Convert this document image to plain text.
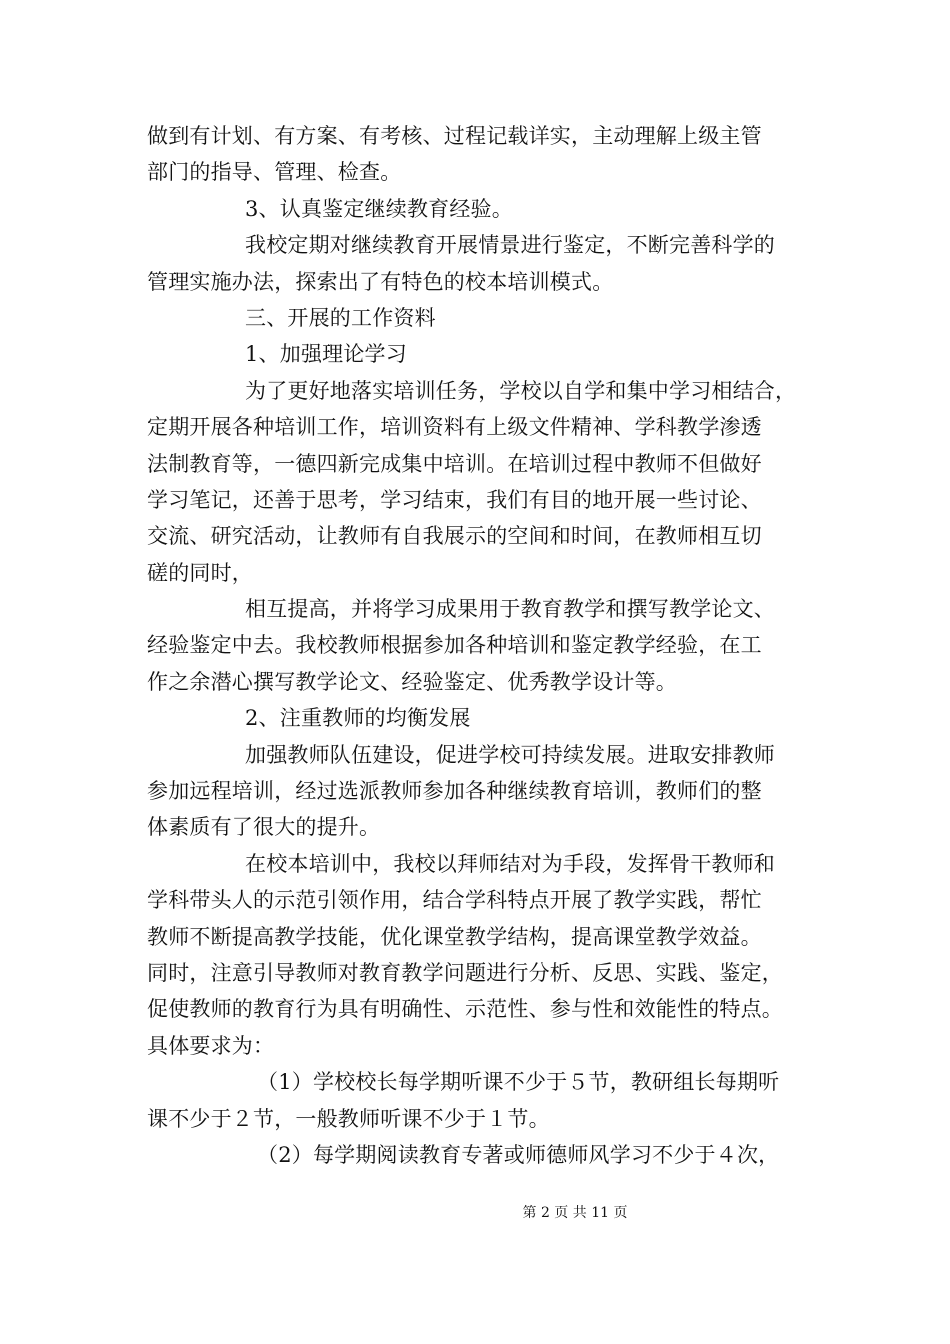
做到有计划、有方案、有考核、过程记载详实，主动理解上级主管
部门的指导、管理、检查。
3、认真鉴定继续教育经验。
我校定期对继续教育开展情景进行鉴定，不断完善科学的
管理实施办法，探索出了有特色的校本培训模式。
三、开展的工作资料
1、加强理论学习
为了更好地落实培训任务，学校以自学和集中学习相结合，
定期开展各种培训工作，培训资料有上级文件精神、学科教学渗透
法制教育等，一德四新完成集中培训。在培训过程中教师不但做好
学习笔记，还善于思考，学习结束，我们有目的地开展一些讨论、
交流、研究活动，让教师有自我展示的空间和时间，在教师相互切
磋的同时，
相互提高，并将学习成果用于教育教学和撰写教学论文、
经验鉴定中去。我校教师根据参加各种培训和鉴定教学经验，在工
作之余潜心撰写教学论文、经验鉴定、优秀教学设计等。
2、注重教师的均衡发展
加强教师队伍建设，促进学校可持续发展。进取安排教师
参加远程培训，经过选派教师参加各种继续教育培训，教师们的整
体素质有了很大的提升。
在校本培训中，我校以拜师结对为手段，发挥骨干教师和
学科带头人的示范引领作用，结合学科特点开展了教学实践，帮忙
教师不断提高教学技能，优化课堂教学结构，提高课堂教学效益。
同时，注意引导教师对教育教学问题进行分析、反思、实践、鉴定，
促使教师的教育行为具有明确性、示范性、参与性和效能性的特点。
具体要求为：
（1）学校校长每学期听课不少于５节，教研组长每期听
课不少于２节，一般教师听课不少于１节。
（2）每学期阅读教育专著或师德师风学习不少于４次，
第 2 页 共 11 页
